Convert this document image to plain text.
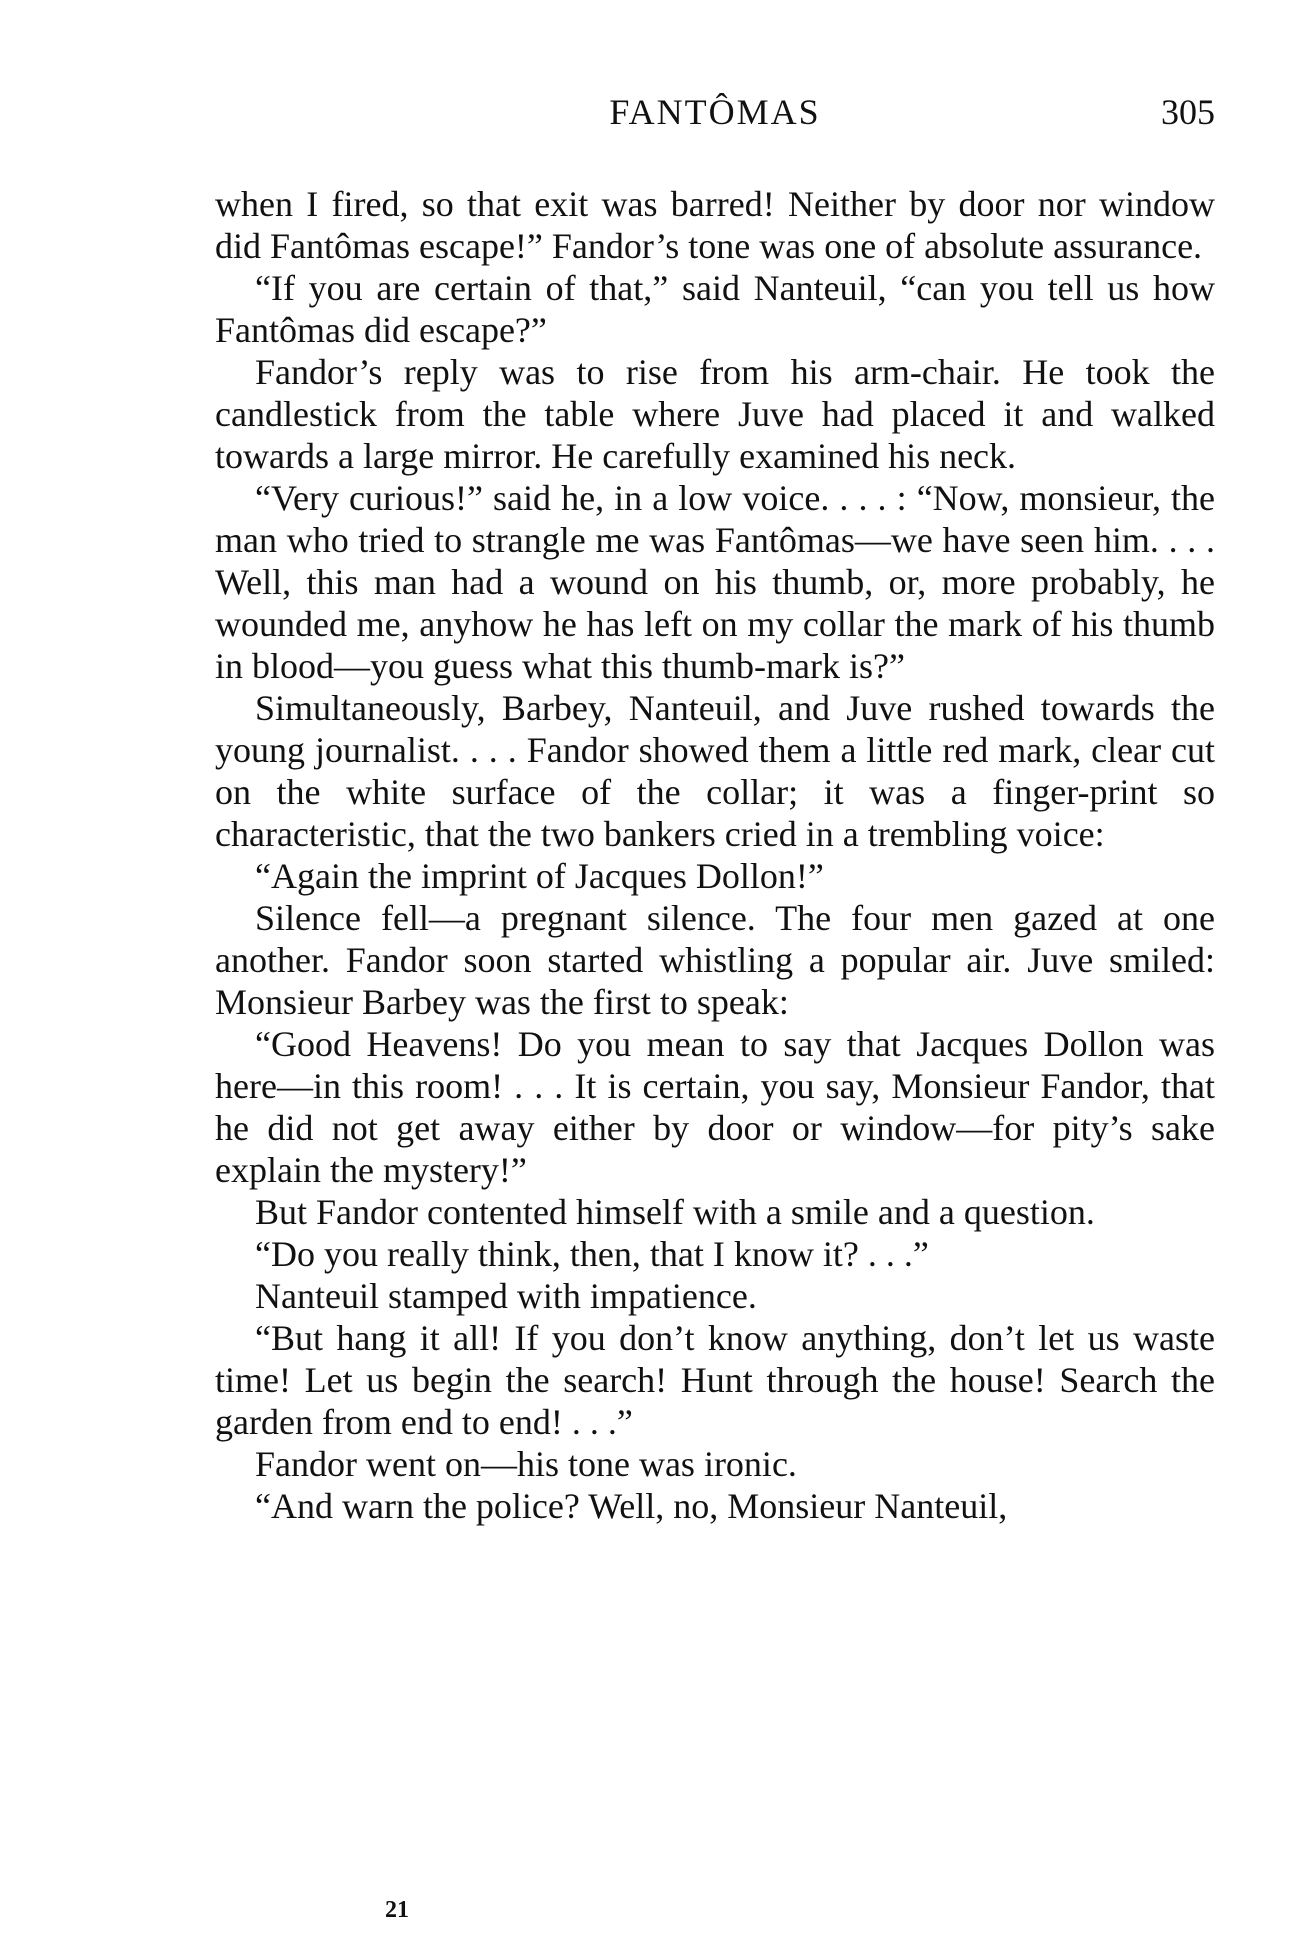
FANTÔMAS	305

when I fired, so that exit was barred! Neither by door nor window did Fantômas escape!” Fandor’s tone was one of absolute assurance.

“If you are certain of that,” said Nanteuil, “can you tell us how Fantômas did escape?”

Fandor’s reply was to rise from his arm-chair. He took the candlestick from the table where Juve had placed it and walked towards a large mirror. He carefully examined his neck.

“Very curious!” said he, in a low voice. . . . : “Now, monsieur, the man who tried to strangle me was Fantômas—we have seen him. . . . Well, this man had a wound on his thumb, or, more probably, he wounded me, anyhow he has left on my collar the mark of his thumb in blood—you guess what this thumb-mark is?”

Simultaneously, Barbey, Nanteuil, and Juve rushed towards the young journalist. . . . Fandor showed them a little red mark, clear cut on the white surface of the collar; it was a finger-print so characteristic, that the two bankers cried in a trembling voice:

“Again the imprint of Jacques Dollon!”

Silence fell—a pregnant silence. The four men gazed at one another. Fandor soon started whistling a popular air. Juve smiled: Monsieur Barbey was the first to speak:

“Good Heavens! Do you mean to say that Jacques Dollon was here—in this room! . . . It is certain, you say, Monsieur Fandor, that he did not get away either by door or window—for pity’s sake explain the mystery!”

But Fandor contented himself with a smile and a question.

“Do you really think, then, that I know it? . . .”

Nanteuil stamped with impatience.

“But hang it all! If you don’t know anything, don’t let us waste time! Let us begin the search! Hunt through the house! Search the garden from end to end! . . .”

Fandor went on—his tone was ironic.

“And warn the police? Well, no, Monsieur Nanteuil,

21
